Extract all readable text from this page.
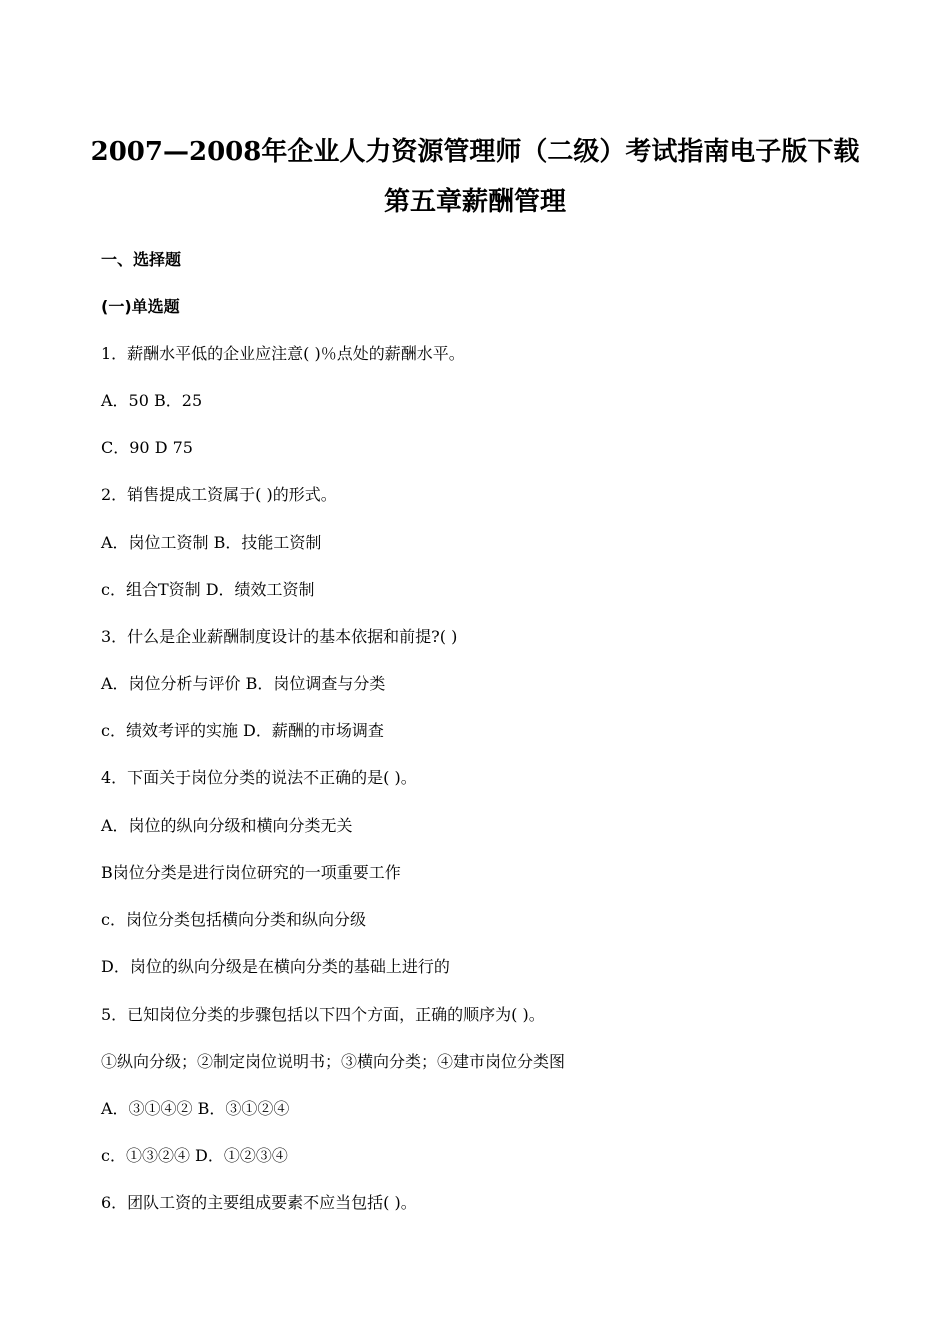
2007—2008年企业人力资源管理师（二级）考试指南电子版下载
第五章薪酬管理
一、选择题
(一)单选题
1．薪酬水平低的企业应注意( )％点处的薪酬水平。
A．50 B．25
C．90 D 75
2．销售提成工资属于( )的形式。
A．岗位工资制 B．技能工资制
c．组合T资制 D．绩效工资制
3．什么是企业薪酬制度设计的基本依据和前提?( )
A．岗位分析与评价 B．岗位调查与分类
c．绩效考评的实施 D．薪酬的市场调查
4．下面关于岗位分类的说法不正确的是( )。
A．岗位的纵向分级和横向分类无关
B岗位分类是进行岗位研究的一项重要工作
c．岗位分类包括横向分类和纵向分级
D．岗位的纵向分级是在横向分类的基础上进行的
5．已知岗位分类的步骤包括以下四个方面，正确的顺序为( )。
①纵向分级；②制定岗位说明书；③横向分类；④建市岗位分类图
A．③①④② B．③①②④
c．①③②④ D．①②③④
6．团队工资的主要组成要素不应当包括( )。
